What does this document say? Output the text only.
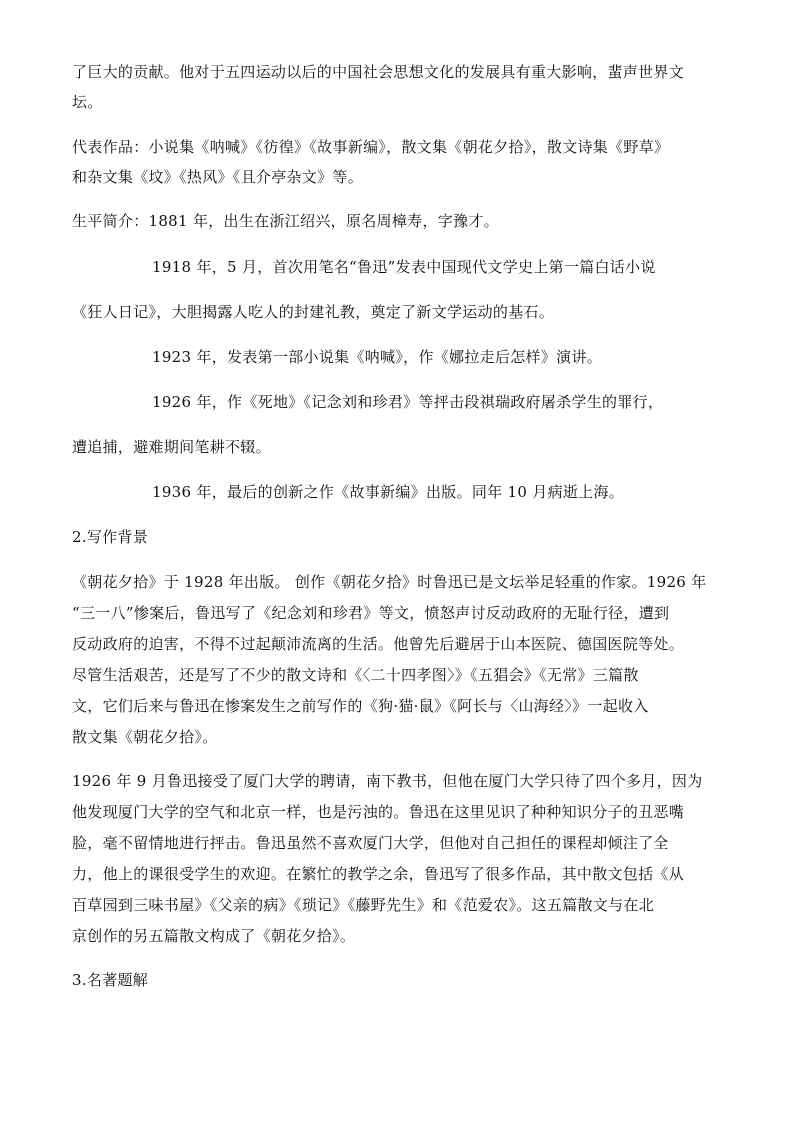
了巨大的贡献。他对于五四运动以后的中国社会思想文化的发展具有重大影响，蜚声世界文
坛。
代表作品：小说集《呐喊》《彷徨》《故事新编》，散文集《朝花夕拾》，散文诗集《野草》
和杂文集《坟》《热风》《且介亭杂文》等。
生平简介：1881 年，出生在浙江绍兴，原名周樟寿，字豫才。
1918 年，5 月，首次用笔名“鲁迅”发表中国现代文学史上第一篇白话小说
《狂人日记》，大胆揭露人吃人的封建礼教，奠定了新文学运动的基石。
1923 年，发表第一部小说集《呐喊》，作《娜拉走后怎样》演讲。
1926 年，作《死地》《记念刘和珍君》等抨击段祺瑞政府屠杀学生的罪行，
遭追捕，避难期间笔耕不辍。
1936 年，最后的创新之作《故事新编》出版。同年 10 月病逝上海。
2.写作背景
《朝花夕拾》于 1928 年出版。 创作《朝花夕拾》时鲁迅已是文坛举足轻重的作家。1926 年
“三一八”惨案后，鲁迅写了《纪念刘和珍君》等文，愤怒声讨反动政府的无耻行径，遭到
反动政府的迫害，不得不过起颠沛流离的生活。他曾先后避居于山本医院、德国医院等处。
尽管生活艰苦，还是写了不少的散文诗和《〈二十四孝图〉》《五猖会》《无常》三篇散
文，它们后来与鲁迅在惨案发生之前写作的《狗·猫·鼠》《阿长与〈山海经〉》一起收入
散文集《朝花夕拾》。
1926 年 9 月鲁迅接受了厦门大学的聘请，南下教书，但他在厦门大学只待了四个多月，因为
他发现厦门大学的空气和北京一样，也是污浊的。鲁迅在这里见识了种种知识分子的丑恶嘴
脸，毫不留情地进行抨击。鲁迅虽然不喜欢厦门大学，但他对自己担任的课程却倾注了全
力，他上的课很受学生的欢迎。在繁忙的教学之余，鲁迅写了很多作品，其中散文包括《从
百草园到三味书屋》《父亲的病》《琐记》《藤野先生》和《范爱农》。这五篇散文与在北
京创作的另五篇散文构成了《朝花夕拾》。
3.名著题解
